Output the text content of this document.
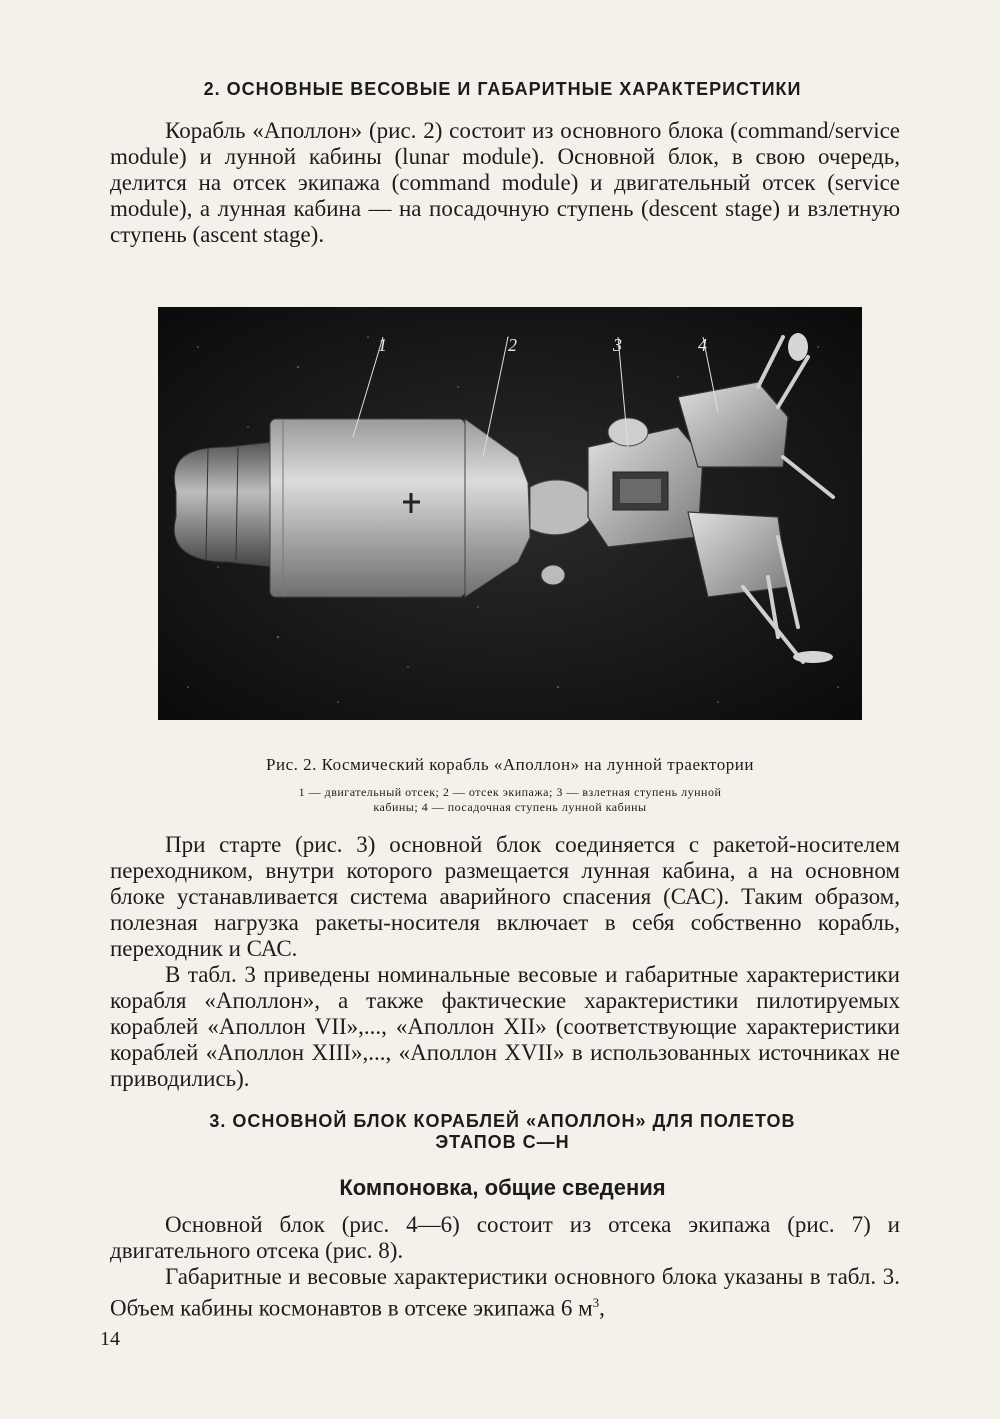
2. ОСНОВНЫЕ ВЕСОВЫЕ И ГАБАРИТНЫЕ ХАРАКТЕРИСТИКИ

Корабль «Аполлон» (рис. 2) состоит из основного блока (command/service module) и лунной кабины (lunar module). Основной блок, в свою очередь, делится на отсек экипажа (command module) и двигательный отсек (service module), а лунная кабина — на посадочную ступень (descent stage) и взлетную ступень (ascent stage).

1	2	3	4
Рис. 2. Космический корабль «Аполлон» на лунной траектории
1 — двигательный отсек; 2 — отсек экипажа; 3 — взлетная ступень лунной
кабины; 4 — посадочная ступень лунной кабины

При старте (рис. 3) основной блок соединяется с ракетой-носителем переходником, внутри которого размещается лунная кабина, а на основном блоке устанавливается система аварийного спасения (САС). Таким образом, полезная нагрузка ракеты-носителя включает в себя собственно корабль, переходник и САС.

В табл. 3 приведены номинальные весовые и габаритные характеристики корабля «Аполлон», а также фактические характеристики пилотируемых кораблей «Аполлон VII»,..., «Аполлон XII» (соответствующие характеристики кораблей «Аполлон XIII»,..., «Аполлон XVII» в использованных источниках не приводились).

3. ОСНОВНОЙ БЛОК КОРАБЛЕЙ «АПОЛЛОН» ДЛЯ ПОЛЕТОВ
ЭТАПОВ С—Н
Компоновка, общие сведения

Основной блок (рис. 4—6) состоит из отсека экипажа (рис. 7) и двигательного отсека (рис. 8).

Габаритные и весовые характеристики основного блока указаны в табл. 3. Объем кабины космонавтов в отсеке экипажа 6 $м^3$,

14
